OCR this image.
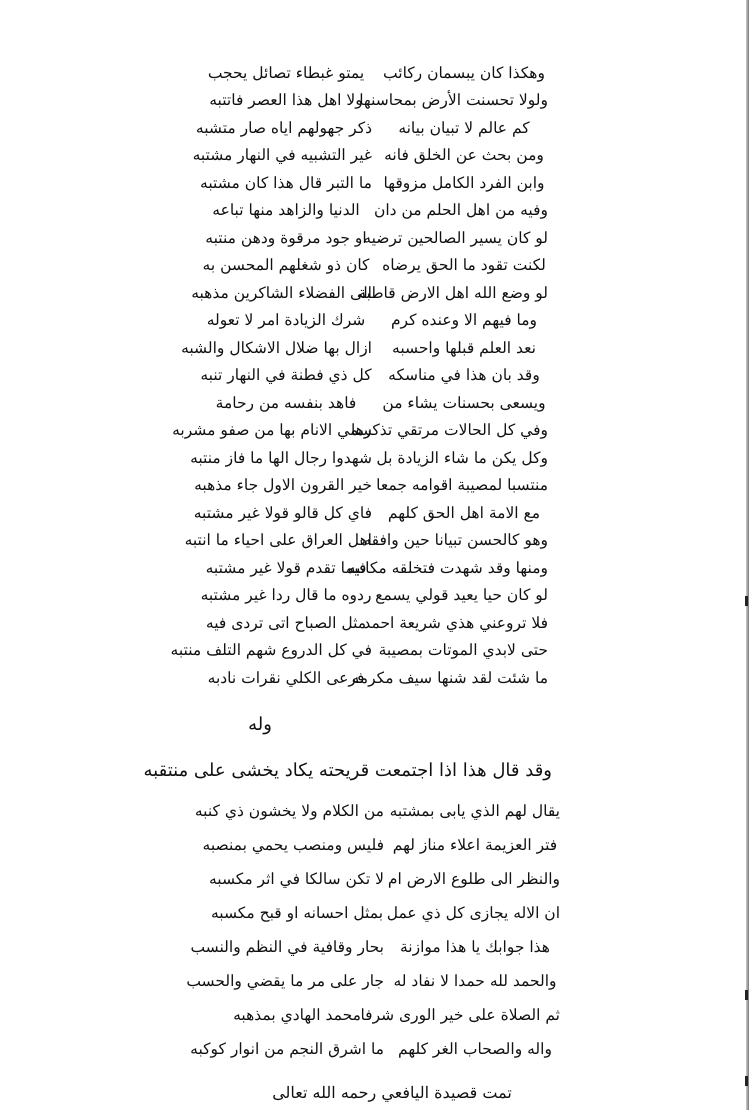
وهكذا كان يبسمان ركائب
يمتو غبطاء تصائل يحجب
ولولا تحسنت الأرض بمحاسنها
ولا اهل هذا العصر فاتتبه
كم عالم لا تبيان بيانه
ذكر جهولهم اياه صار متشبه
ومن بحث عن الخلق فانه
غير التشبيه في النهار مشتبه
وابن الفرد الكامل مزوقها
ما التبر قال هذا كان مشتبه
وفيه من اهل الحلم من دان
الدنيا والزاهد منها تباعه
لو كان يسير الصالحين ترضيه
او جود مرقوة ودهن منتبه
لكنت تقود ما الحق يرضاه
كان ذو شغلهم المحسن به
لو وضع الله اهل الارض قاطبة
الى الفضلاء الشاكرين مذهبه
وما فيهم الا وعنده كرم
شرك الزيادة امر لا تعوله
نعد العلم قبلها واحسبه
ازال بها ضلال الاشكال والشبه
وقد بان هذا في مناسكه
كل ذي فطنة في النهار تنبه
ويسعى بحسنات يشاء من
فاهد بنفسه من رحامة
وفي كل الحالات مرتقي تذكرها
سمي الانام بها من صفو مشربه
وكل يكن ما شاء الزيادة بل
شهدوا رجال الها ما فاز منتبه
منتسبا لمصيبة اقوامه جمعا
خير القرون الاول جاء مذهبه
مع الامة اهل الحق كلهم
فاي كل قالو قولا غير مشتبه
وهو كالحسن تبيانا حين وافقه
اهل العراق على احياء ما انتبه
ومنها وقد شهدت فتخلقه مكاتبه
فيما تقدم قولا غير مشتبه
لو كان حيا يعيد قولي يسمع
ردوه ما قال ردا غير مشتبه
فلا تروعني هذي شريعة احمد
مثل الصباح اتى تردى فيه
حتى لابدي الموتات بمصيبة
في كل الدروع شهم التلف منتبه
ما شئت لقد شنها سيف مكرمه
فرعى الكلي نقرات نادبه
وله
وقد قال هذا اذا اجتمعت قريحته يكاد يخشى على منتقبه
يقال لهم الذي يابى بمشتبه
من الكلام ولا يخشون ذي كنبه
فتر العزيمة اعلاء مناز لهم
فليس ومنصب يحمي بمنصبه
والنظر الى طلوع الارض ام
لا تكن سالكا في اثر مكسبه
ان الاله يجازى كل ذي عمل
بمثل احسانه او قبح مكسبه
هذا جوابك يا هذا موازنة
بحار وقافية في النظم والنسب
والحمد لله حمدا لا نفاد له
جار على مر ما يقضي والحسب
ثم الصلاة على خير الورى شرفا
محمد الهادي بمذهبه
واله والصحاب الغر كلهم
ما اشرق النجم من انوار كوكبه
تمت قصيدة اليافعي رحمه الله تعالى
